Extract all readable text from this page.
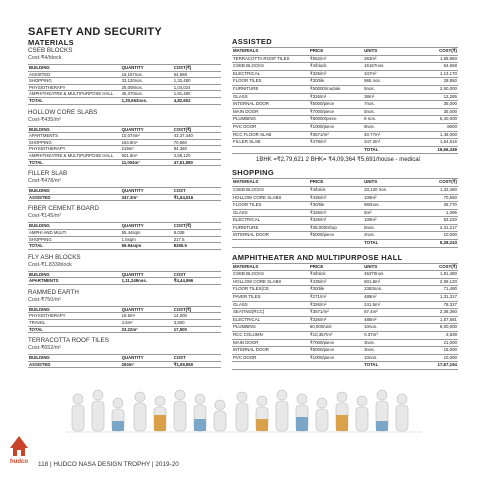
SAFETY AND SECURITY
MATERIALS
CSEB BLOCKS
Cost-₹4/block
BUILDING	QUANTITY	COST(₹)
ASSISTED	16,167nos.	64,668
SHOPPING	33,120nos.	1,32,480
PHYSIOTHERAPY	26,008nos.	1,04,024
AMPHITHEATRE & MULTIPURPOSE HALL	45,370nos.	1,81,480
TOTAL	1,20,663nos.	4,82,652
HOLLOW CORE SLABS
Cost-₹435/m²
BUILDING	QUANTITY	COST(₹)
APARTMENTS	10,074m²	43,37,440
SHOPPING	164.8m²	70,560
PHYSIOTHERAPY	219m²	94,360
AMPHITHEATRE & MULTIPURPOSE HALL	601.8m²	2,59,120
TOTAL	11,004m²	47,61,880
FILLER SLAB
Cost-₹478/m²
BUILDING	QUANTITY	COST
ASSISTED	347.3m²	₹1,64,516
FIBER CEMENT BOARD
Cost-₹145/m²
BUILDING	QUANTITY	COST(₹)
AMPHI AND MULTI	55.44sqm	8,038
SHOPPING	1.5sqm	217.5
TOTAL	56.94sqm	8255.5
FLY ASH BLOCKS
Cost-₹1,833/block
BUILDING	QUANTITY	COST
APARTMENTS	1,11,249nos.	₹4,44,996
RAMMED EARTH
Cost-₹750/m²
BUILDING	QUANTITY	COST(₹)
PHYSIOTHERAPY	18.5m²	14,000
TRAVEL	4.6m²	3,500
TOTAL	23.22m²	17,500
TERRACOTTA ROOF TILES
Cost-₹652/m²
BUILDING	QUANTITY	COST
ASSISTED	263m²	₹1,69,860
ASSISTED
MATERIALS	PRICE	UNITS	COST(₹)
TERRACOTTA ROOF TILES	₹652/m²	263m²	1,69,860
CSEB BLOCKS	₹4/block	16167nos.	64,668
ELECTRICAL	₹326/m²	347m²	1,13,170
FLOOR TILES	₹30/tile	965 nos.	28,850
FURNITURE	₹50000/module	5nos.	2,50,000
GLASS	₹326/m²	38m²	12,285
INTERNAL DOOR	₹5000/piece	7nos.	35,000
MAIN DOOR	₹7000/piece	5nos.	35,000
PLUMBING	₹80000/piece	8 nos.	6,40,000
PVC DOOR	₹1000/piece	8nos.	8000
RCC FLOOR SLAB	₹3571/m²	40.77m²	1,46,000
FILLER SLAB	₹478/m²	347.3m²	1,64,516
		TOTAL	16,66,349
1BHK =₹2,79,621 2 BHK= ₹4,09,364 ₹5,691/house - medical
SHOPPING
MATERIALS	PRICE	UNITS	COST(₹)
CSEB BLOCKS	₹4/brick	33,120 nos.	1,32,480
HOLLOW CORE SLABS	₹435/m²	109m²	70,560
FLOOR TILES	₹30/tile	960nos.	28,770
GLASS	₹326/m²	5m²	1,396
ELECTRICAL	₹326/m²	109m²	53,220
FURNITURE	₹38,000/shop	6nos.	2,31,217
INTERNAL DOOR	₹5000/piece	2nos.	10,000
		TOTAL	5,28,243
AMPHITHEATER AND MULTIPURPOSE HALL
MATERIALS	PRICE	UNITS	COST(₹)
CSEB BLOCKS	₹4/brick	45370nos.	1,81,480
HOLLOW CORE SLABS	₹435/m²	601.8m²	2,59,120
FLOOR TILES(CE	₹30/tile	2383nos.	71,490
PAVER TILES	₹271/m²	488m²	1,31,317
GLASS	₹326/m²	241.5m²	78,327
SEATING(RCC)	₹3571/m²	67.4m²	2,38,360
ELECTRICAL	₹326/m²	488m²	1,57,581
PLUMBING	60,000/unit	10nos.	6,00,000
RCC COLUMN	₹10,357/m³	0.37m³	3,839
MAIN DOOR	₹7000/piece	3nos.	21,000
INTERNAL DOOR	₹5000/piece	3nos.	15,000
PVC DOOR	₹1000/piece	10nos.	10,000
		TOTAL	17,67,194
hudco 118 | HUDCO NASA DESIGN TROPHY | 2019-20
